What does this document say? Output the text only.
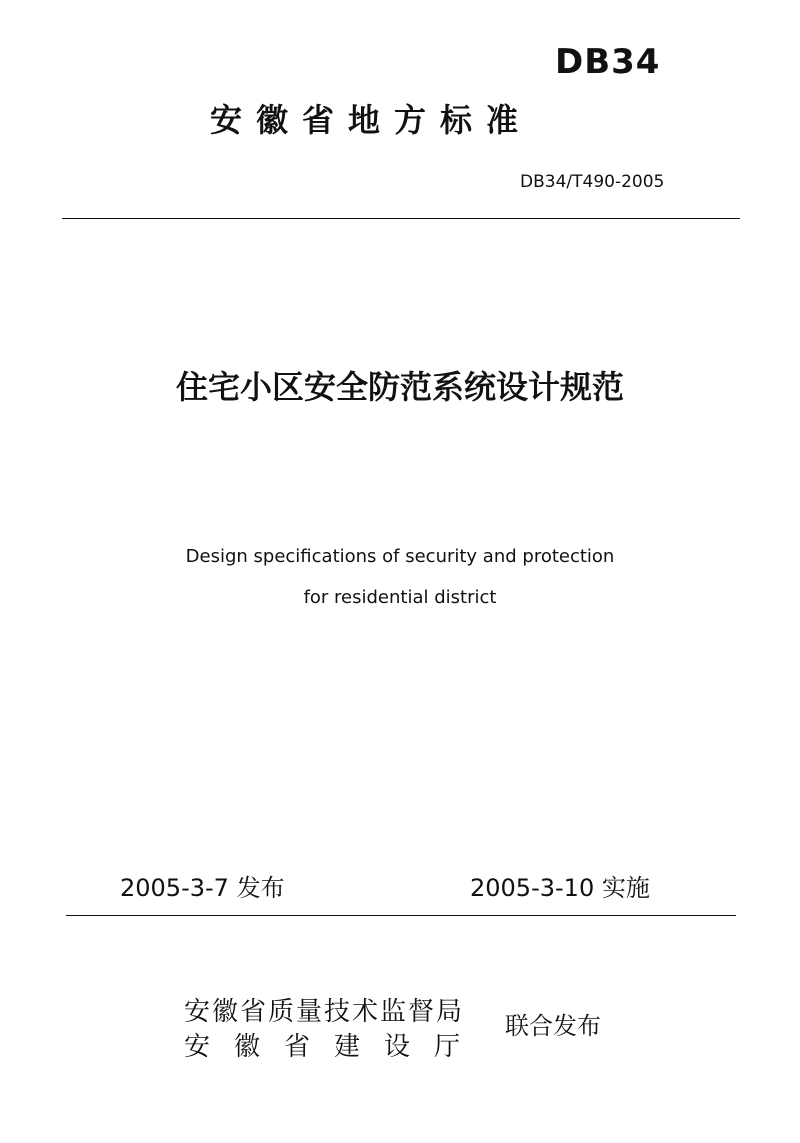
DB34
安徽省地方标准
DB34/T490-2005
住宅小区安全防范系统设计规范
Design specifications of security and protection
for residential district
2005-3-7 发布	2005-3-10 实施
安徽省质量技术监督局
安徽省建设厅
联合发布
